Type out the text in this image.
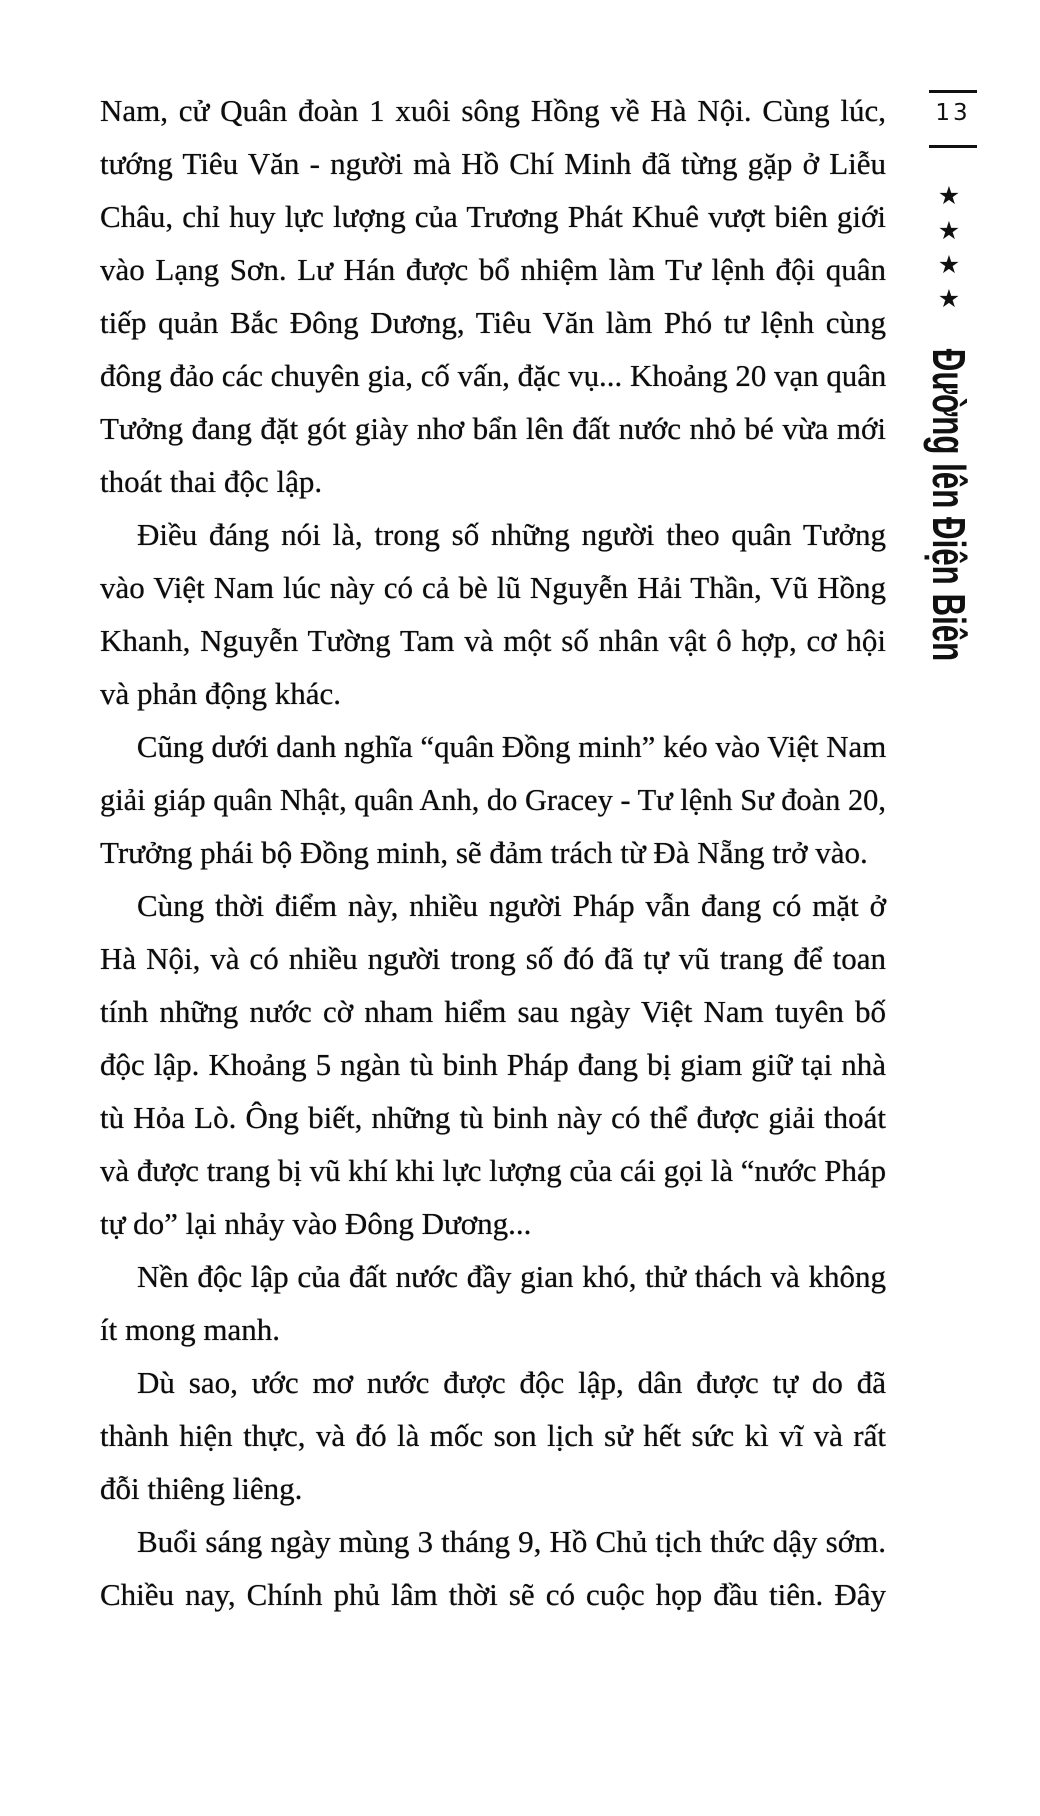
13
★
★
★
★
Đường lên Điện Biên
Nam, cử Quân đoàn 1 xuôi sông Hồng về Hà Nội. Cùng lúc,
tướng Tiêu Văn - người mà Hồ Chí Minh đã từng gặp ở Liễu
Châu, chỉ huy lực lượng của Trương Phát Khuê vượt biên giới
vào Lạng Sơn. Lư Hán được bổ nhiệm làm Tư lệnh đội quân
tiếp quản Bắc Đông Dương, Tiêu Văn làm Phó tư lệnh cùng
đông đảo các chuyên gia, cố vấn, đặc vụ... Khoảng 20 vạn quân
Tưởng đang đặt gót giày nhơ bẩn lên đất nước nhỏ bé vừa mới
thoát thai độc lập.
Điều đáng nói là, trong số những người theo quân Tưởng
vào Việt Nam lúc này có cả bè lũ Nguyễn Hải Thần, Vũ Hồng
Khanh, Nguyễn Tường Tam và một số nhân vật ô hợp, cơ hội
và phản động khác.
Cũng dưới danh nghĩa “quân Đồng minh” kéo vào Việt Nam
giải giáp quân Nhật, quân Anh, do Gracey - Tư lệnh Sư đoàn 20,
Trưởng phái bộ Đồng minh, sẽ đảm trách từ Đà Nẵng trở vào.
Cùng thời điểm này, nhiều người Pháp vẫn đang có mặt ở
Hà Nội, và có nhiều người trong số đó đã tự vũ trang để toan
tính những nước cờ nham hiểm sau ngày Việt Nam tuyên bố
độc lập. Khoảng 5 ngàn tù binh Pháp đang bị giam giữ tại nhà
tù Hỏa Lò. Ông biết, những tù binh này có thể được giải thoát
và được trang bị vũ khí khi lực lượng của cái gọi là “nước Pháp
tự do” lại nhảy vào Đông Dương...
Nền độc lập của đất nước đầy gian khó, thử thách và không
ít mong manh.
Dù sao, ước mơ nước được độc lập, dân được tự do đã
thành hiện thực, và đó là mốc son lịch sử hết sức kì vĩ và rất
đỗi thiêng liêng.
Buổi sáng ngày mùng 3 tháng 9, Hồ Chủ tịch thức dậy sớm.
Chiều nay, Chính phủ lâm thời sẽ có cuộc họp đầu tiên. Đây
